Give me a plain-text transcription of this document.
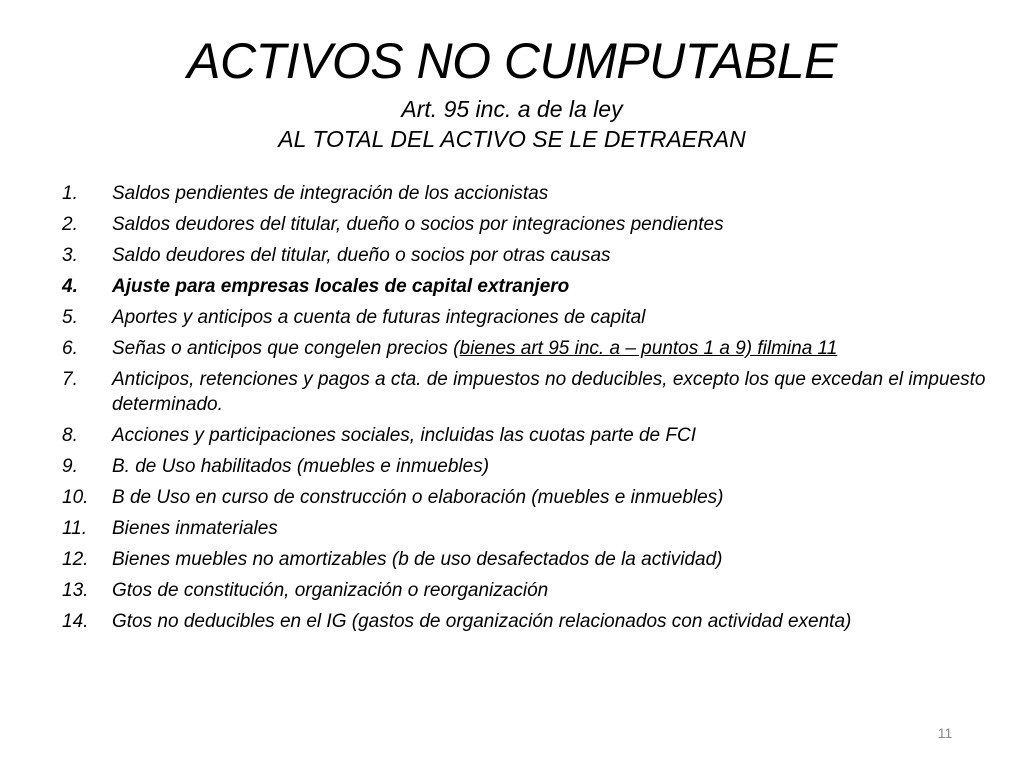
ACTIVOS NO CUMPUTABLE
Art. 95 inc. a de la ley
AL TOTAL DEL ACTIVO SE LE DETRAERAN
1.	Saldos pendientes de integración de los accionistas
2.	Saldos deudores del titular, dueño o socios por integraciones pendientes
3.	Saldo deudores del titular, dueño o socios por otras causas
4.	Ajuste para empresas locales de capital extranjero
5.	Aportes y anticipos a cuenta de futuras integraciones de capital
6.	Señas o anticipos que congelen precios (bienes art 95 inc. a – puntos 1 a 9) filmina 11
7.	Anticipos, retenciones y pagos a cta. de impuestos no deducibles, excepto los que excedan el impuesto determinado.
8.	Acciones y participaciones sociales, incluidas las cuotas parte de FCI
9.	B. de Uso habilitados (muebles e inmuebles)
10.	B de Uso en curso de construcción o elaboración (muebles e inmuebles)
11.	Bienes inmateriales
12.	Bienes muebles no amortizables (b de uso desafectados de la actividad)
13.	Gtos de constitución, organización o reorganización
14.	Gtos no deducibles en el IG (gastos de organización relacionados con actividad exenta)
11
